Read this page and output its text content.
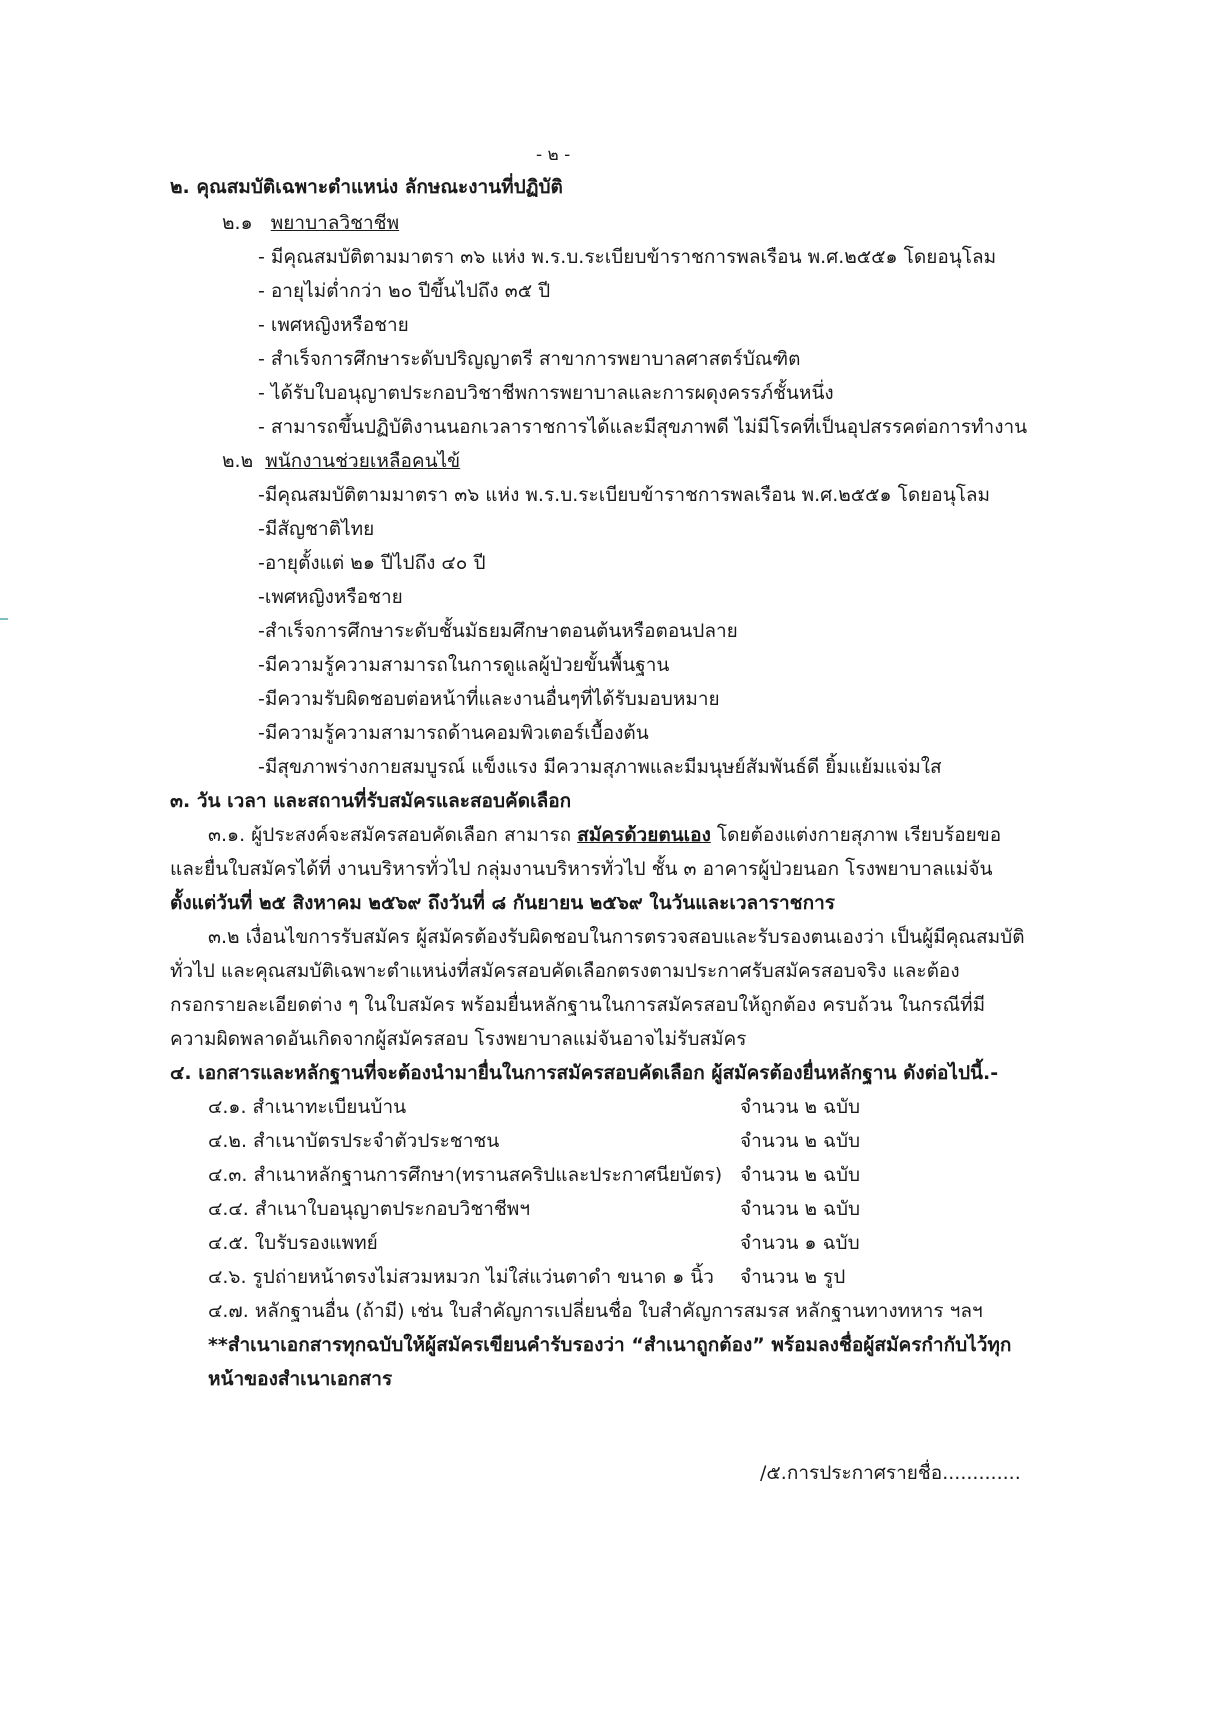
- ๒ -
๒. คุณสมบัติเฉพาะตำแหน่ง ลักษณะงานที่ปฏิบัติ
๒.๑ พยาบาลวิชาชีพ
- มีคุณสมบัติตามมาตรา ๓๖ แห่ง พ.ร.บ.ระเบียบข้าราชการพลเรือน พ.ศ.๒๕๕๑ โดยอนุโลม
- อายุไม่ต่ำกว่า ๒๐ ปีขึ้นไปถึง ๓๕ ปี
- เพศหญิงหรือชาย
- สำเร็จการศึกษาระดับปริญญาตรี สาขาการพยาบาลศาสตร์บัณฑิต
- ได้รับใบอนุญาตประกอบวิชาชีพการพยาบาลและการผดุงครรภ์ชั้นหนึ่ง
- สามารถขึ้นปฏิบัติงานนอกเวลาราชการได้และมีสุขภาพดี ไม่มีโรคที่เป็นอุปสรรคต่อการทำงาน
๒.๒ พนักงานช่วยเหลือคนไข้
-มีคุณสมบัติตามมาตรา ๓๖ แห่ง พ.ร.บ.ระเบียบข้าราชการพลเรือน พ.ศ.๒๕๕๑ โดยอนุโลม
-มีสัญชาติไทย
-อายุตั้งแต่ ๒๑ ปีไปถึง ๔๐ ปี
-เพศหญิงหรือชาย
-สำเร็จการศึกษาระดับชั้นมัธยมศึกษาตอนต้นหรือตอนปลาย
-มีความรู้ความสามารถในการดูแลผู้ป่วยขั้นพื้นฐาน
-มีความรับผิดชอบต่อหน้าที่และงานอื่นๆที่ได้รับมอบหมาย
-มีความรู้ความสามารถด้านคอมพิวเตอร์เบื้องต้น
-มีสุขภาพร่างกายสมบูรณ์ แข็งแรง มีความสุภาพและมีมนุษย์สัมพันธ์ดี ยิ้มแย้มแจ่มใส
๓. วัน เวลา และสถานที่รับสมัครและสอบคัดเลือก
๓.๑. ผู้ประสงค์จะสมัครสอบคัดเลือก สามารถ สมัครด้วยตนเอง โดยต้องแต่งกายสุภาพ เรียบร้อยขอ
และยื่นใบสมัครได้ที่ งานบริหารทั่วไป กลุ่มงานบริหารทั่วไป ชั้น ๓ อาคารผู้ป่วยนอก โรงพยาบาลแม่จัน
ตั้งแต่วันที่ ๒๕ สิงหาคม ๒๕๖๙ ถึงวันที่ ๘ กันยายน ๒๕๖๙ ในวันและเวลาราชการ
๓.๒ เงื่อนไขการรับสมัคร ผู้สมัครต้องรับผิดชอบในการตรวจสอบและรับรองตนเองว่า เป็นผู้มีคุณสมบัติ
ทั่วไป และคุณสมบัติเฉพาะตำแหน่งที่สมัครสอบคัดเลือกตรงตามประกาศรับสมัครสอบจริง และต้อง
กรอกรายละเอียดต่าง ๆ ในใบสมัคร พร้อมยื่นหลักฐานในการสมัครสอบให้ถูกต้อง ครบถ้วน ในกรณีที่มี
ความผิดพลาดอันเกิดจากผู้สมัครสอบ โรงพยาบาลแม่จันอาจไม่รับสมัคร
๔. เอกสารและหลักฐานที่จะต้องนำมายื่นในการสมัครสอบคัดเลือก ผู้สมัครต้องยื่นหลักฐาน ดังต่อไปนี้.-
๔.๑. สำเนาทะเบียนบ้าน	จำนวน ๒ ฉบับ

๔.๒. สำเนาบัตรประจำตัวประชาชน	จำนวน ๒ ฉบับ

๔.๓. สำเนาหลักฐานการศึกษา(ทรานสคริปและประกาศนียบัตร) จำนวน ๒ ฉบับ

๔.๔. สำเนาใบอนุญาตประกอบวิชาชีพฯ	จำนวน ๒ ฉบับ

๔.๕. ใบรับรองแพทย์	จำนวน ๑ ฉบับ

๔.๖. รูปถ่ายหน้าตรงไม่สวมหมวก ไม่ใส่แว่นตาดำ ขนาด ๑ นิ้ว จำนวน ๒ รูป

๔.๗. หลักฐานอื่น (ถ้ามี) เช่น ใบสำคัญการเปลี่ยนชื่อ ใบสำคัญการสมรส หลักฐานทางทหาร ฯลฯ
**สำเนาเอกสารทุกฉบับให้ผู้สมัครเขียนคำรับรองว่า “สำเนาถูกต้อง” พร้อมลงชื่อผู้สมัครกำกับไว้ทุก
หน้าของสำเนาเอกสาร
/๕.การประกาศรายชื่อ.............
